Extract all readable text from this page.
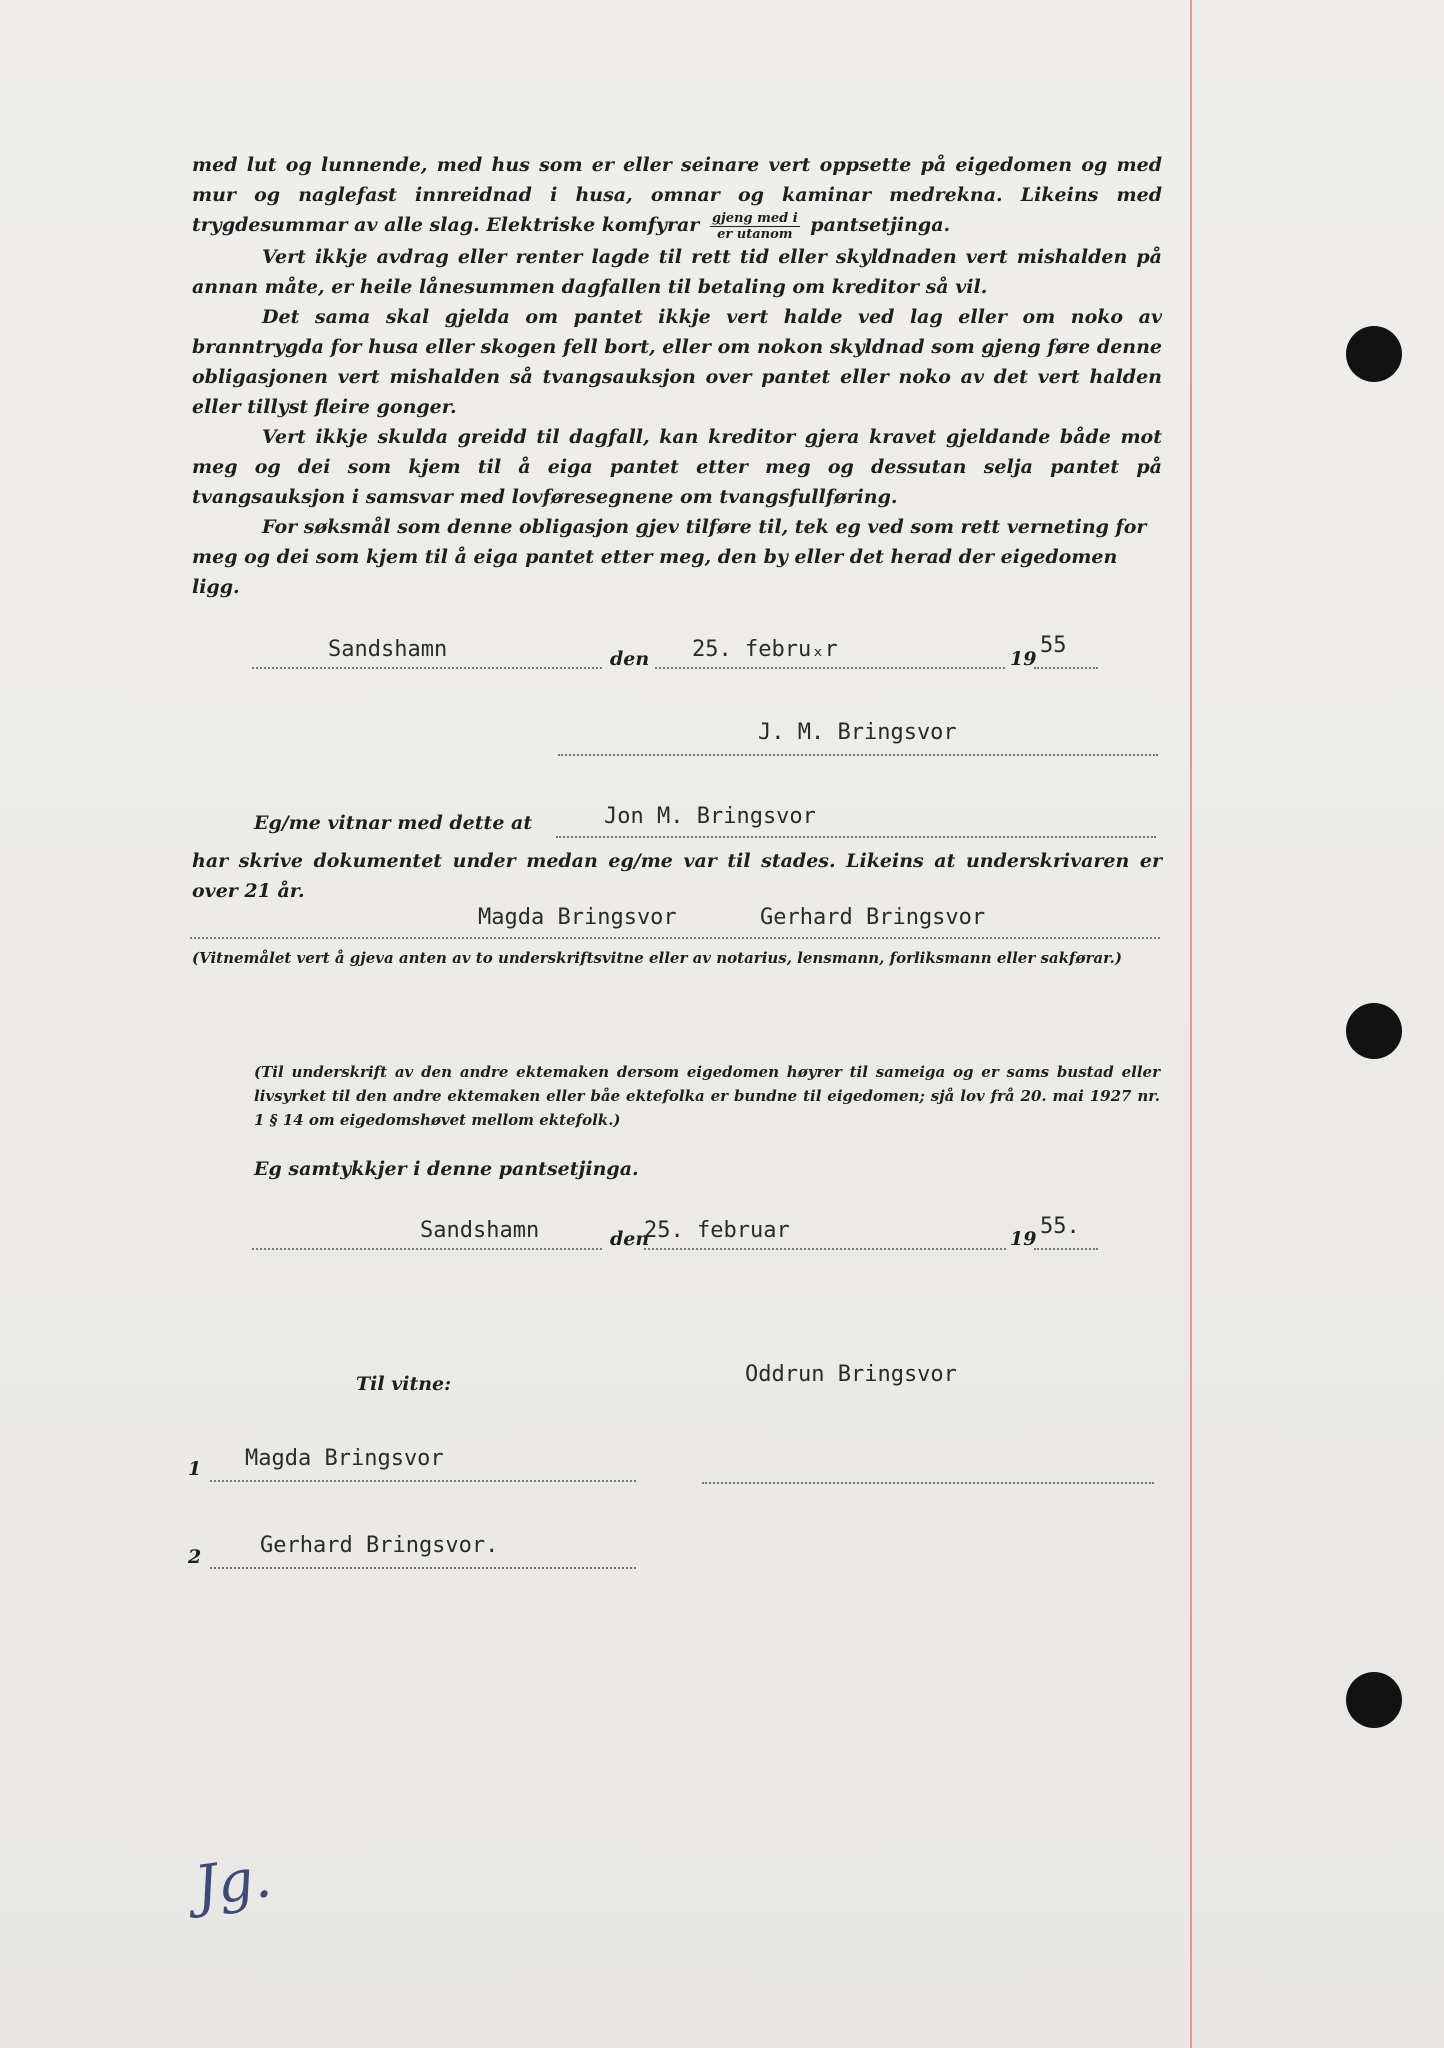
med lut og lunnende, med hus som er eller seinare vert oppsette på eigedomen og med mur og naglefast innreidnad i husa, omnar og kaminar medrekna. Likeins med trygdesummar av alle slag. Elektriske komfyrar $\frac{\text{gjeng med i}}{\text{er utanom}}$ pantsetjinga.

Vert ikkje avdrag eller renter lagde til rett tid eller skyldnaden vert mishalden på annan måte, er heile lånesummen dagfallen til betaling om kreditor så vil.

Det sama skal gjelda om pantet ikkje vert halde ved lag eller om noko av branntrygda for husa eller skogen fell bort, eller om nokon skyldnad som gjeng føre denne obligasjonen vert mishalden så tvangsauksjon over pantet eller noko av det vert halden eller tillyst fleire gonger.

Vert ikkje skulda greidd til dagfall, kan kreditor gjera kravet gjeldande både mot meg og dei som kjem til å eiga pantet etter meg og dessutan selja pantet på tvangsauksjon i samsvar med lovføresegnene om tvangsfullføring.

For søksmål som denne obligasjon gjev tilføre til, tek eg ved som rett verneting for meg og dei som kjem til å eiga pantet etter meg, den by eller det herad der eigedomen ligg.

Sandshamn	den 25. februₓr	19
55
J. M. Bringsvor
Eg/me vitnar med dette at	Jon M. Bringsvor
har skrive dokumentet under medan eg/me var til stades. Likeins at underskrivaren er over 21 år.
Magda Bringsvor	Gerhard Bringsvor
(Vitnemålet vert å gjeva anten av to underskriftsvitne eller av notarius, lensmann, forliksmann eller sakførar.)
(Til underskrift av den andre ektemaken dersom eigedomen høyrer til sameiga og er sams bustad eller livsyrket til den andre ektemaken eller båe ektefolka er bundne til eigedomen; sjå lov frå 20. mai 1927 nr. 1 § 14 om eigedomshøvet mellom ektefolk.)
Eg samtykkjer i denne pantsetjinga.
Sandshamn	den
25. februar	19 55.
Til vitne:	Oddrun Bringsvor
1 Magda Bringsvor
2	Gerhard Bringsvor.
Jg.
